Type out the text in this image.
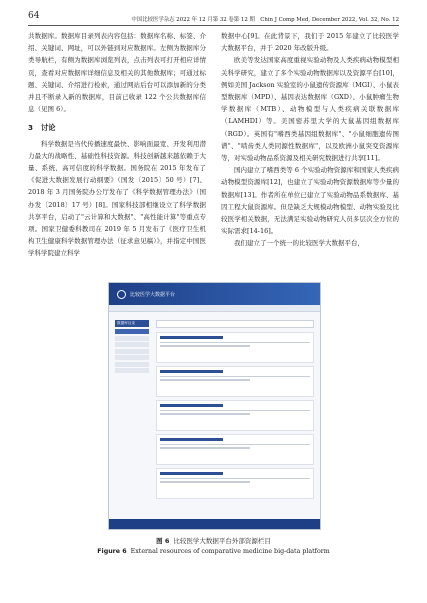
64	中国比较医学杂志 2022 年 12 月第 32 卷第 12 期　Chin J Comp Med, December 2022, Vol. 32, No. 12

共数据库。数据库目录列表内容包括：数据库名称、标签、介绍、关键词、网址，可以外链到对应数据库。左侧为数据库分类导航栏，有侧为数据库浏览列表，点击列表可打开相应详情页，查看对应数据库详细信息及相关的其他数据库；可通过标题、关键词、介绍进行检索，通过网站后台可以添加新的分类并且不断录入新的数据库，目前已收录 122 个公共数据库信息（见图 6）。

3 讨论

科学数据是当代传播速度最快、影响面最宽、开发利用潜力最大的战略性、基础性科技资源。科技创新越来越依赖于大量、系统、高可信度的科学数据。国务院在 2015 年发布了《促进大数据发展行动纲要》（国发〔2015〕50 号）[7]、2018 年 3 月国务院办公厅发布了《科学数据管理办法》（国办发〔2018〕17 号）[8]。国家科技部相继设立了科学数据共享平台，启动了"云计算和大数据"、"高性能计算"等重点专项。国家卫健委科教司在 2019 年 5 月发布了《医疗卫生机构卫生健康科学数据管理办法（征求意见稿）》，并指定中国医学科学院建立科学

数据中心[9]。在此背景下，我们于 2015 年建立了比较医学大数据平台，并于 2020 年改版升级。

欧美等发达国家高度重视实验动物及人类疾病动物模型相关科学研究，建立了多个实验动物数据库以及资源平台[10]，例如美国 Jackson 实验室的小鼠遗传资源库（MGI）、小鼠表型数据库（MPD）、基因表达数据库（GXD）、小鼠肿瘤生物学数据库（MTB）、动物模型与人类疾病关联数据库（LAMHDI）等。美国密苏里大学的大鼠基因组数据库（RGD）。英国有"嗜西类基因组数据库"、"小鼠细胞遗传图谱"、"啮齿类人类同源性数据库"，以及欧洲小鼠突变资源库等，对实验动物品系资源及相关研究数据进行共享[11]。

国内建立了嗜西类等 6 个实验动物资源库和国家人类疾病动物模型资源库[12]，也建立了实验动物资源数据库等少量的数据库[13]。作者所在单位已建立了实验动物品系数据库、基因工程大鼠资源库。但是缺乏大规模动物模型、动物实验及比较医学相关数据，无法满足实验动物研究人员多层次全方位的实际需求[14-16]。

我们建立了一个统一的比较医学大数据平台，

比较医学大数据平台
数据库目录
图 6 比较医学大数据平台外部资源栏目
Figure 6 External resources of comparative medicine big-data platform
